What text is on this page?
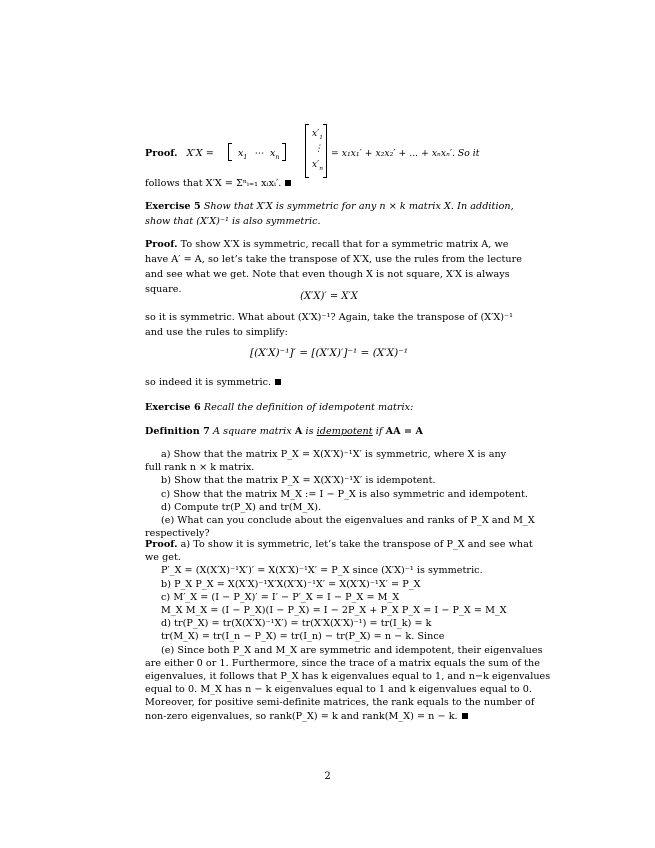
Proof. X′X =	$x_1$ ⋯ $x_n$
$x'_1$
⋮
$x'_n$
= x₁x₁′ + x₂x₂′ + ... + xₙxₙ′. So it
follows that X′X = Σⁿᵢ₌₁ xᵢxᵢ′.
Exercise 5 Show that X′X is symmetric for any n × k matrix X. In addition,
show that (X′X)⁻¹ is also symmetric.
Proof. To show X′X is symmetric, recall that for a symmetric matrix A, we
have A′ = A, so let’s take the transpose of X′X, use the rules from the lecture
and see what we get. Note that even though X is not square, X′X is always
square.
(X′X)′ = X′X
so it is symmetric. What about (X′X)⁻¹? Again, take the transpose of (X′X)⁻¹
and use the rules to simplify:
[(X′X)⁻¹]′ = [(X′X)′]⁻¹ = (X′X)⁻¹
so indeed it is symmetric.
Exercise 6 Recall the definition of idempotent matrix:
Definition 7 A square matrix A is idempotent if AA = A
a) Show that the matrix P_X = X(X′X)⁻¹X′ is symmetric, where X is any
full rank n × k matrix.
b) Show that the matrix P_X = X(X′X)⁻¹X′ is idempotent.
c) Show that the matrix M_X := I − P_X is also symmetric and idempotent.
d) Compute tr(P_X) and tr(M_X).
(e) What can you conclude about the eigenvalues and ranks of P_X and M_X
respectively?
Proof. a) To show it is symmetric, let’s take the transpose of P_X and see what
we get.
P′_X = (X(X′X)⁻¹X′)′ = X(X′X)⁻¹X′ = P_X since (X′X)⁻¹ is symmetric.
b) P_X P_X = X(X′X)⁻¹X′X(X′X)⁻¹X′ = X(X′X)⁻¹X′ = P_X
c) M′_X = (I − P_X)′ = I′ − P′_X = I − P_X = M_X
M_X M_X = (I − P_X)(I − P_X) = I − 2P_X + P_X P_X = I − P_X = M_X
d) tr(P_X) = tr(X(X′X)⁻¹X′) = tr(X′X(X′X)⁻¹) = tr(I_k) = k
tr(M_X) = tr(I_n − P_X) = tr(I_n) − tr(P_X) = n − k. Since
(e) Since both P_X and M_X are symmetric and idempotent, their eigenvalues
are either 0 or 1. Furthermore, since the trace of a matrix equals the sum of the
eigenvalues, it follows that P_X has k eigenvalues equal to 1, and n−k eigenvalues
equal to 0. M_X has n − k eigenvalues equal to 1 and k eigenvalues equal to 0.
Moreover, for positive semi-definite matrices, the rank equals to the number of
non-zero eigenvalues, so rank(P_X) = k and rank(M_X) = n − k.
2
